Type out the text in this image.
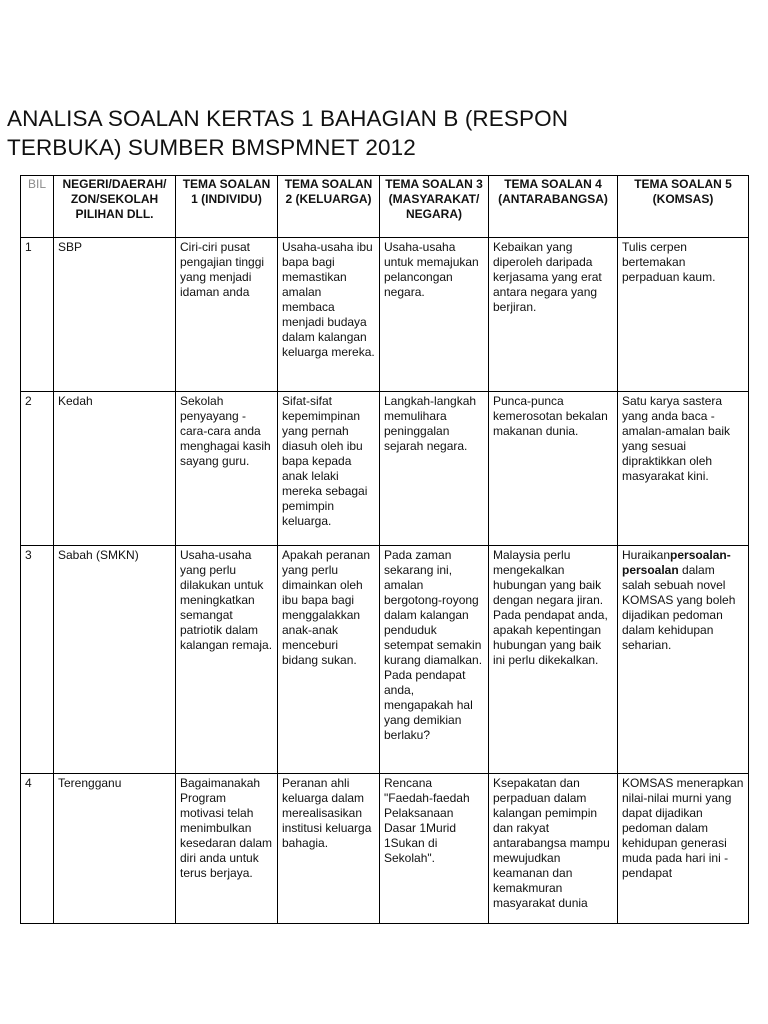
ANALISA SOALAN KERTAS 1 BAHAGIAN B (RESPON
TERBUKA) SUMBER BMSPMNET 2012
BIL	NEGERI/DAERAH/ ZON/SEKOLAH PILIHAN DLL.	TEMA SOALAN 1 (INDIVIDU)	TEMA SOALAN 2 (KELUARGA)	TEMA SOALAN 3 (MASYARAKAT/ NEGARA)	TEMA SOALAN 4 (ANTARABANGSA)	TEMA SOALAN 5 (KOMSAS)
1	SBP	Ciri-ciri pusat pengajian tinggi yang menjadi idaman anda	Usaha-usaha ibu bapa bagi memastikan amalan membaca menjadi budaya dalam kalangan keluarga mereka.	Usaha-usaha untuk memajukan pelancongan negara.	Kebaikan yang diperoleh daripada kerjasama yang erat antara negara yang berjiran.	Tulis cerpen bertemakan perpaduan kaum.
2	Kedah	Sekolah penyayang - cara-cara anda menghagai kasih sayang guru.	Sifat-sifat kepemimpinan yang pernah diasuh oleh ibu bapa kepada anak lelaki mereka sebagai pemimpin keluarga.	Langkah-langkah memulihara peninggalan sejarah negara.	Punca-punca kemerosotan bekalan makanan dunia.	Satu karya sastera yang anda baca - amalan-amalan baik yang sesuai dipraktikkan oleh masyarakat kini.
3	Sabah (SMKN)	Usaha-usaha yang perlu dilakukan untuk meningkatkan semangat patriotik dalam kalangan remaja.	Apakah peranan yang perlu dimainkan oleh ibu bapa bagi menggalakkan anak-anak menceburi bidang sukan.	Pada zaman sekarang ini, amalan bergotong-royong dalam kalangan penduduk setempat semakin kurang diamalkan. Pada pendapat anda, mengapakah hal yang demikian berlaku?	Malaysia perlu mengekalkan hubungan yang baik dengan negara jiran. Pada pendapat anda, apakah kepentingan hubungan yang baik ini perlu dikekalkan.	Huraikanpersoalan-persoalan dalam salah sebuah novel KOMSAS yang boleh dijadikan pedoman dalam kehidupan seharian.
4	Terengganu	Bagaimanakah Program motivasi telah menimbulkan kesedaran dalam diri anda untuk terus berjaya.	Peranan ahli keluarga dalam merealisasikan institusi keluarga bahagia.	Rencana "Faedah-faedah Pelaksanaan Dasar 1Murid 1Sukan di Sekolah".	Ksepakatan dan perpaduan dalam kalangan pemimpin dan rakyat antarabangsa mampu mewujudkan keamanan dan kemakmuran masyarakat dunia	KOMSAS menerapkan nilai-nilai murni yang dapat dijadikan pedoman dalam kehidupan generasi muda pada hari ini - pendapat
